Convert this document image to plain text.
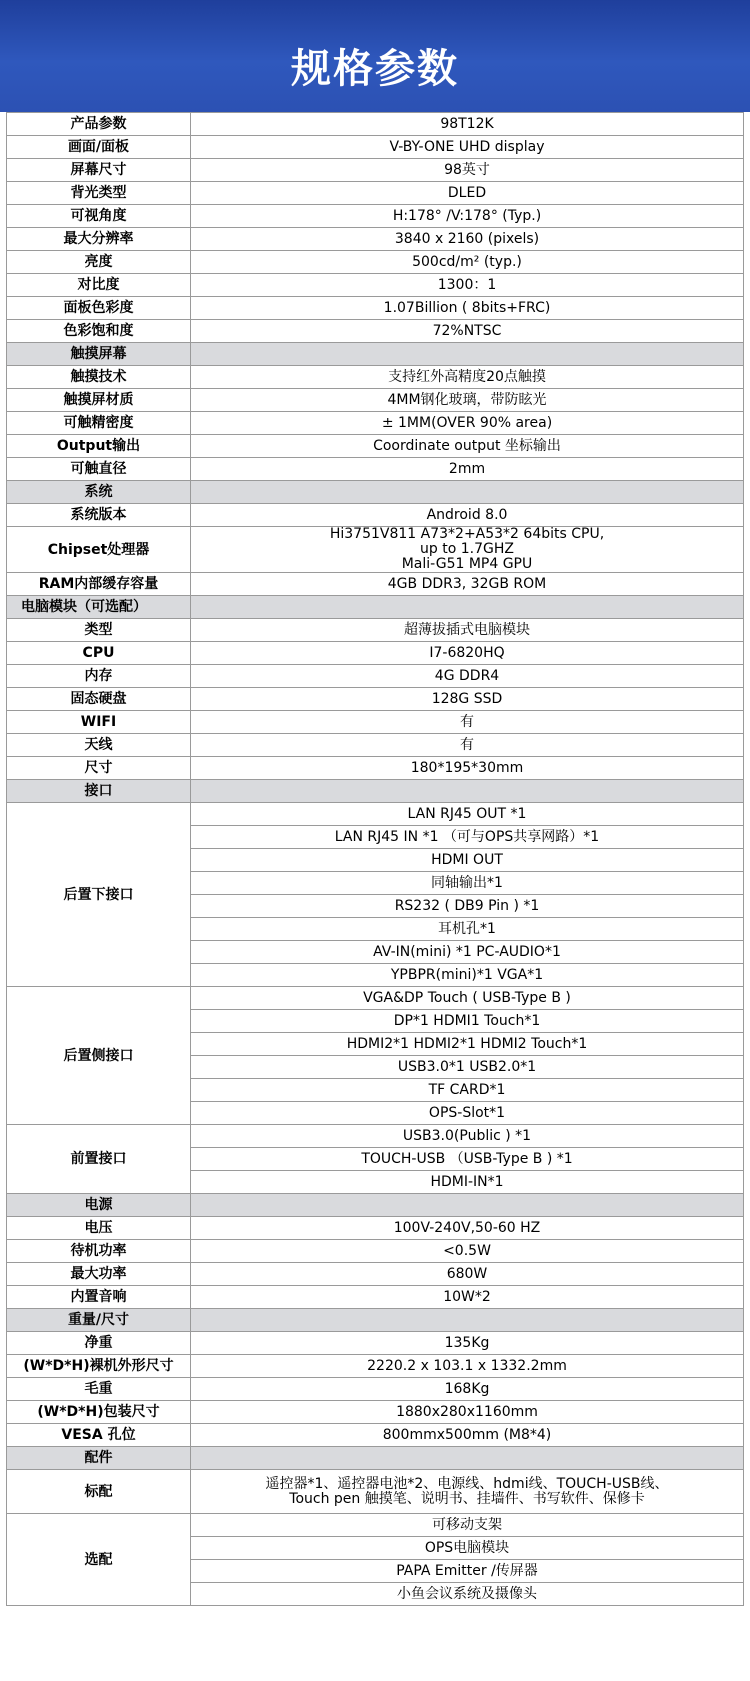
规格参数
产品参数	98T12K
画面/面板	V-BY-ONE UHD display
屏幕尺寸	98英寸
背光类型	DLED
可视角度	H:178° /V:178° (Typ.)
最大分辨率	3840 x 2160 (pixels)
亮度	500cd/m² (typ.)
对比度	1300：1
面板色彩度	1.07Billion ( 8bits+FRC)
色彩饱和度	72%NTSC
触摸屏幕	
触摸技术	支持红外高精度20点触摸
触摸屏材质	4MM钢化玻璃，带防眩光
可触精密度	± 1MM(OVER 90% area)
Output输出	Coordinate output 坐标输出
可触直径	2mm
系统	
系统版本	Android 8.0
Chipset处理器	Hi3751V811 A73*2+A53*2 64bits CPU,
up to 1.7GHZ
Mali-G51 MP4 GPU

RAM内部缓存容量	4GB DDR3, 32GB ROM
电脑模块（可选配）	
类型	超薄拔插式电脑模块
CPU	I7-6820HQ
内存	4G DDR4
固态硬盘	128G SSD
WIFI	有
天线	有
尺寸	180*195*30mm
接口	
后置下接口	LAN RJ45 OUT *1
	LAN RJ45 IN *1 （可与OPS共享网路）*1
	HDMI OUT
	同轴输出*1
	RS232 ( DB9 Pin ) *1
	耳机孔*1
	AV-IN(mini) *1 PC-AUDIO*1
	YPBPR(mini)*1 VGA*1
后置侧接口	VGA&DP Touch ( USB-Type B )
	DP*1 HDMI1 Touch*1
	HDMI2*1 HDMI2*1 HDMI2 Touch*1
	USB3.0*1 USB2.0*1
	TF CARD*1
	OPS-Slot*1
前置接口	USB3.0(Public ) *1
	TOUCH-USB （USB-Type B ) *1
	HDMI-IN*1
电源	
电压	100V-240V,50-60 HZ
待机功率	<0.5W
最大功率	680W
内置音响	10W*2
重量/尺寸	
净重	135Kg
(W*D*H)裸机外形尺寸	2220.2 x 103.1 x 1332.2mm
毛重	168Kg
(W*D*H)包装尺寸	1880x280x1160mm
VESA 孔位	800mmx500mm (M8*4)
配件	
标配	遥控器*1、遥控器电池*2、电源线、hdmi线、TOUCH-USB线、
Touch pen 触摸笔、说明书、挂墙件、书写软件、保修卡

选配	可移动支架
	OPS电脑模块
	PAPA Emitter /传屏器
	小鱼会议系统及摄像头
